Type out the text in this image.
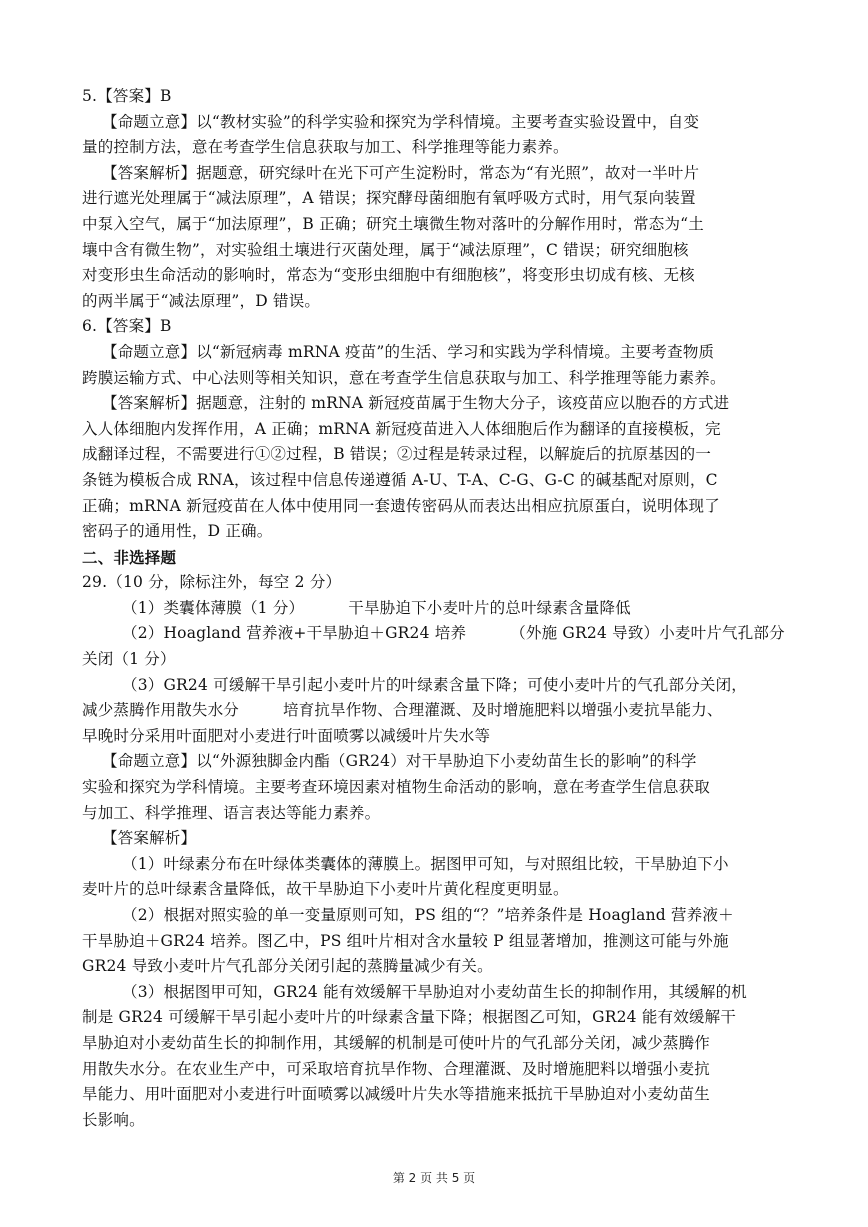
5.【答案】B
【命题立意】以“教材实验”的科学实验和探究为学科情境。主要考查实验设置中，自变
量的控制方法，意在考查学生信息获取与加工、科学推理等能力素养。
【答案解析】据题意，研究绿叶在光下可产生淀粉时，常态为“有光照”，故对一半叶片
进行遮光处理属于“减法原理”，A 错误；探究酵母菌细胞有氧呼吸方式时，用气泵向装置
中泵入空气，属于“加法原理”，B 正确；研究土壤微生物对落叶的分解作用时，常态为“土
壤中含有微生物”，对实验组土壤进行灭菌处理，属于“减法原理”，C 错误；研究细胞核
对变形虫生命活动的影响时，常态为“变形虫细胞中有细胞核”，将变形虫切成有核、无核
的两半属于“减法原理”，D 错误。
6.【答案】B
【命题立意】以“新冠病毒 mRNA 疫苗”的生活、学习和实践为学科情境。主要考查物质
跨膜运输方式、中心法则等相关知识，意在考查学生信息获取与加工、科学推理等能力素养。
【答案解析】据题意，注射的 mRNA 新冠疫苗属于生物大分子，该疫苗应以胞吞的方式进
入人体细胞内发挥作用，A 正确；mRNA 新冠疫苗进入人体细胞后作为翻译的直接模板，完
成翻译过程，不需要进行①②过程，B 错误；②过程是转录过程，以解旋后的抗原基因的一
条链为模板合成 RNA，该过程中信息传递遵循 A-U、T-A、C-G、G-C 的碱基配对原则，C
正确；mRNA 新冠疫苗在人体中使用同一套遗传密码从而表达出相应抗原蛋白，说明体现了
密码子的通用性，D 正确。
二、非选择题
29.（10 分，除标注外，每空 2 分）
（1）类囊体薄膜（1 分）	干旱胁迫下小麦叶片的总叶绿素含量降低
（2）Hoagland 营养液+干旱胁迫＋GR24 培养	（外施 GR24 导致）小麦叶片气孔部分
关闭（1 分）
（3）GR24 可缓解干旱引起小麦叶片的叶绿素含量下降；可使小麦叶片的气孔部分关闭，
减少蒸腾作用散失水分	培育抗旱作物、合理灌溉、及时增施肥料以增强小麦抗旱能力、
早晚时分采用叶面肥对小麦进行叶面喷雾以减缓叶片失水等
【命题立意】以“外源独脚金内酯（GR24）对干旱胁迫下小麦幼苗生长的影响”的科学
实验和探究为学科情境。主要考查环境因素对植物生命活动的影响，意在考查学生信息获取
与加工、科学推理、语言表达等能力素养。
【答案解析】
（1）叶绿素分布在叶绿体类囊体的薄膜上。据图甲可知，与对照组比较，干旱胁迫下小
麦叶片的总叶绿素含量降低，故干旱胁迫下小麦叶片黄化程度更明显。
（2）根据对照实验的单一变量原则可知，PS 组的“？”培养条件是 Hoagland 营养液＋
干旱胁迫＋GR24 培养。图乙中，PS 组叶片相对含水量较 P 组显著增加，推测这可能与外施
GR24 导致小麦叶片气孔部分关闭引起的蒸腾量减少有关。
（3）根据图甲可知，GR24 能有效缓解干旱胁迫对小麦幼苗生长的抑制作用，其缓解的机
制是 GR24 可缓解干旱引起小麦叶片的叶绿素含量下降；根据图乙可知，GR24 能有效缓解干
旱胁迫对小麦幼苗生长的抑制作用，其缓解的机制是可使叶片的气孔部分关闭，减少蒸腾作
用散失水分。在农业生产中，可采取培育抗旱作物、合理灌溉、及时增施肥料以增强小麦抗
旱能力、用叶面肥对小麦进行叶面喷雾以减缓叶片失水等措施来抵抗干旱胁迫对小麦幼苗生
长影响。
第 2 页 共 5 页
